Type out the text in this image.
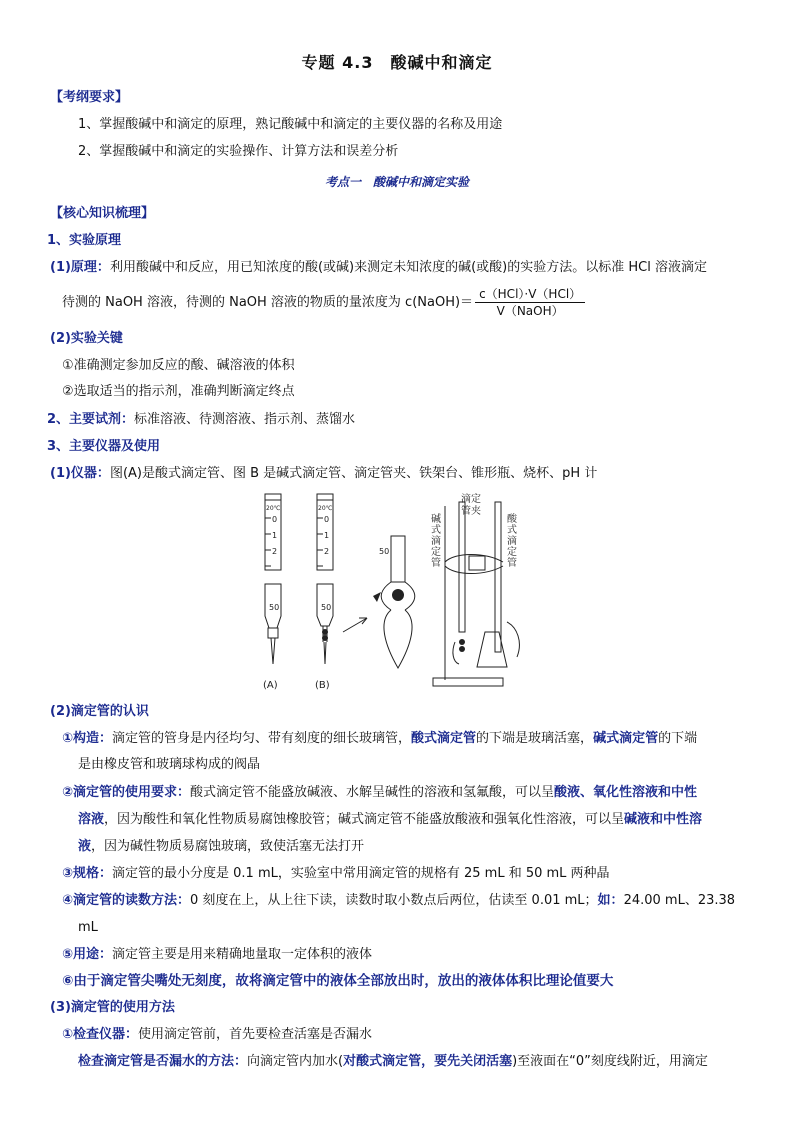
专题 4.3　酸碱中和滴定
【考纲要求】
1、掌握酸碱中和滴定的原理，熟记酸碱中和滴定的主要仪器的名称及用途
2、掌握酸碱中和滴定的实验操作、计算方法和误差分析
考点一　酸碱中和滴定实验
【核心知识梳理】
1、实验原理
(1)原理：利用酸碱中和反应，用已知浓度的酸(或碱)来测定未知浓度的碱(或酸)的实验方法。以标准 HCl 溶液滴定
待测的 NaOH 溶液，待测的 NaOH 溶液的物质的量浓度为 c(NaOH)＝ $\frac{\text{c（HCl）·V（HCl）}}{\text{V（NaOH）}}$
(2)实验关键
①准确测定参加反应的酸、碱溶液的体积
②选取适当的指示剂，准确判断滴定终点
2、主要试剂：标准溶液、待测溶液、指示剂、蒸馏水
3、主要仪器及使用
(1)仪器：图(A)是酸式滴定管、图 B 是碱式滴定管、滴定管夹、铁架台、锥形瓶、烧杯、pH 计
20℃	20℃
0
1
2
0
1
2
50	50
50
(A)	(B)
滴定
管夹
碱
式
滴
定
管
酸
式
滴
定
管
(2)滴定管的认识
①构造：滴定管的管身是内径均匀、带有刻度的细长玻璃管，酸式滴定管的下端是玻璃活塞，碱式滴定管的下端
是由橡皮管和玻璃球构成的阀晶
②滴定管的使用要求：酸式滴定管不能盛放碱液、水解呈碱性的溶液和氢氟酸，可以呈酸液、氧化性溶液和中性
溶液，因为酸性和氧化性物质易腐蚀橡胶管；碱式滴定管不能盛放酸液和强氧化性溶液，可以呈碱液和中性溶
液，因为碱性物质易腐蚀玻璃，致使活塞无法打开
③规格：滴定管的最小分度是 0.1 mL，实验室中常用滴定管的规格有 25 mL 和 50 mL 两种晶
④滴定管的读数方法：0 刻度在上，从上往下读，读数时取小数点后两位，估读至 0.01 mL；如：24.00 mL、23.38
mL
⑤用途：滴定管主要是用来精确地量取一定体积的液体
⑥由于滴定管尖嘴处无刻度，故将滴定管中的液体全部放出时，放出的液体体积比理论值要大
(3)滴定管的使用方法
①检查仪器：使用滴定管前，首先要检查活塞是否漏水
检查滴定管是否漏水的方法：向滴定管内加水(对酸式滴定管，要先关闭活塞)至液面在“0”刻度线附近，用滴定
